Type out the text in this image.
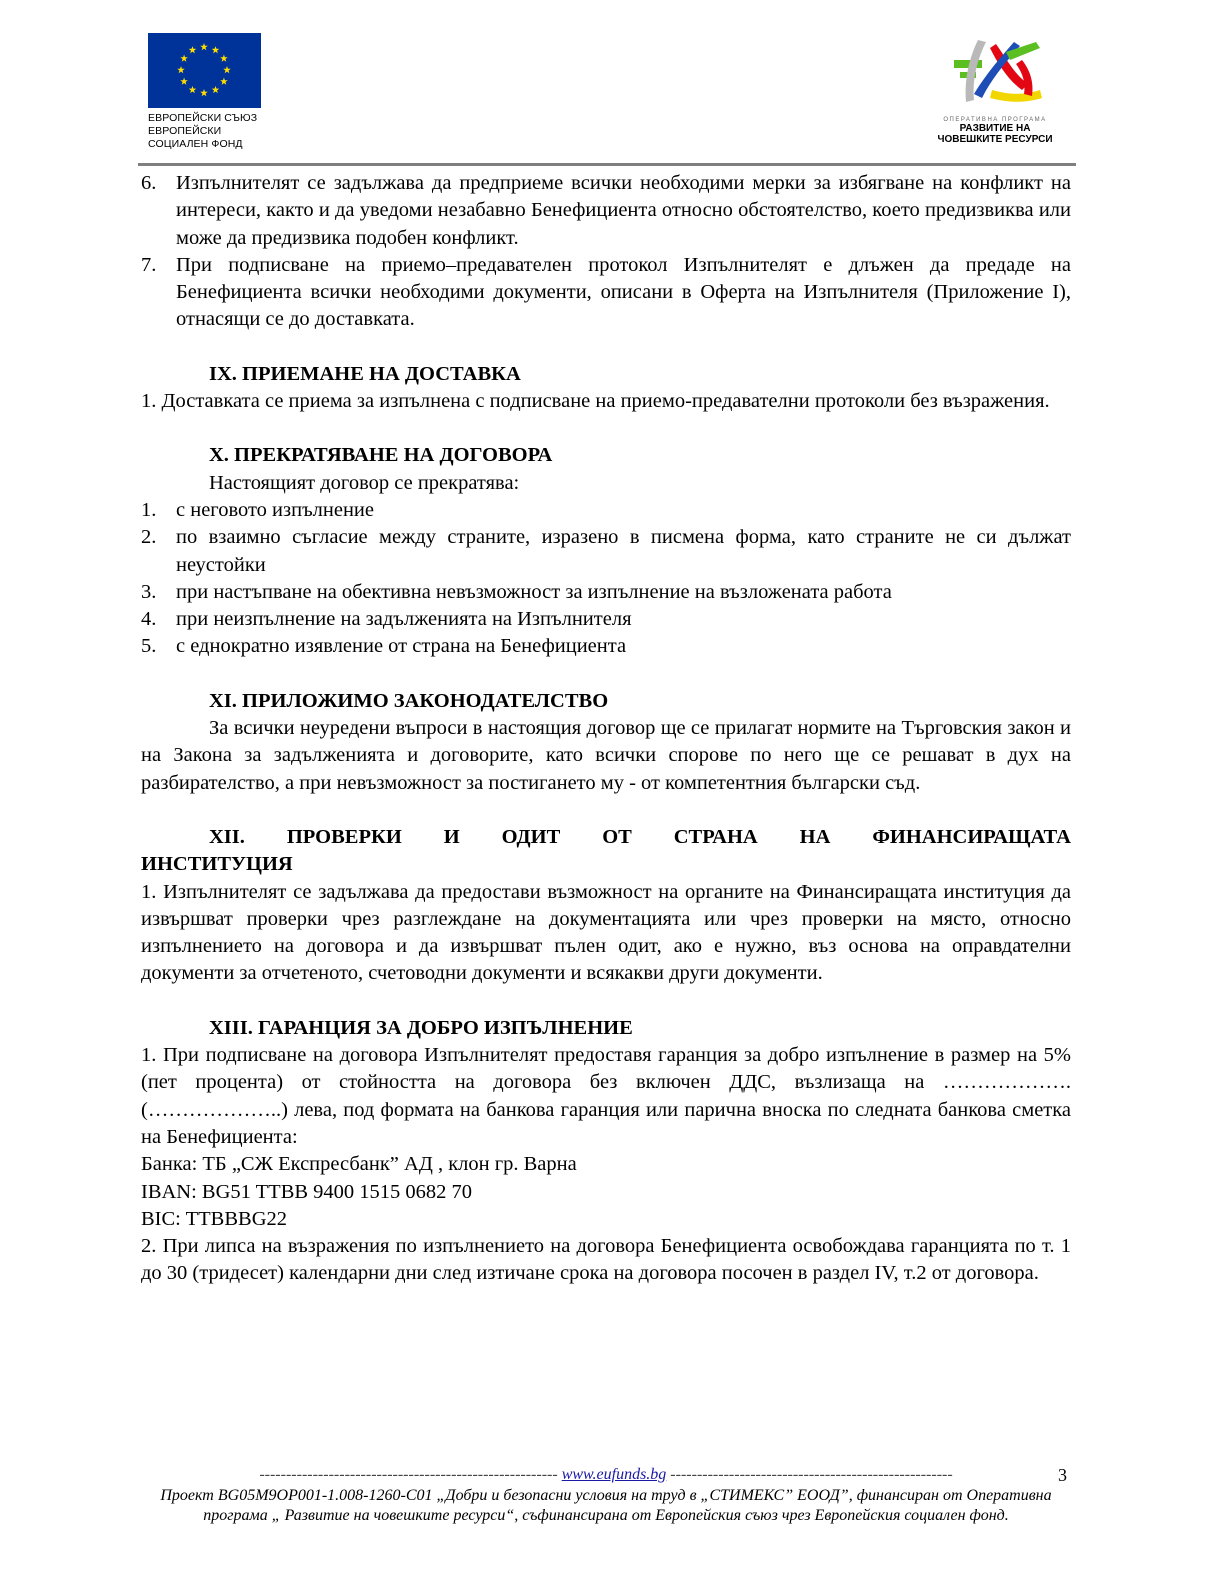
ЕВРОПЕЙСКИ СЪЮЗ
ЕВРОПЕЙСКИ
СОЦИАЛЕН ФОНД
ОПЕРАТИВНА ПРОГРАМА
РАЗВИТИЕ НА
ЧОВЕШКИТЕ РЕСУРСИ
6. Изпълнителят се задължава да предприеме всички необходими мерки за избягване на конфликт на интереси, както и да уведоми незабавно Бенефициента относно обстоятелство, което предизвиква или може да предизвика подобен конфликт.
7. При подписване на приемо–предавателен протокол Изпълнителят е длъжен да предаде на Бенефициента всички необходими документи, описани в Оферта на Изпълнителя (Приложение I), отнасящи се до доставката.
IX. ПРИЕМАНЕ НА ДОСТАВКА
1. Доставката се приема за изпълнена с подписване на приемо-предавателни протоколи без възражения.
X. ПРЕКРАТЯВАНЕ НА ДОГОВОРА
Настоящият договор се прекратява:
1. с неговото изпълнение
2. по взаимно съгласие между страните, изразено в писмена форма, като страните не си дължат неустойки
3. при настъпване на обективна невъзможност за изпълнение на възложената работа
4. при неизпълнение на задълженията на Изпълнителя
5. с еднократно изявление от страна на Бенефициента
XI. ПРИЛОЖИМО ЗАКОНОДАТЕЛСТВО
За всички неуредени въпроси в настоящия договор ще се прилагат нормите на Търговския закон и на Закона за задълженията и договорите, като всички спорове по него ще се решават в дух на разбирателство, а при невъзможност за постигането му - от компетентния български съд.
XII. ПРОВЕРКИ И ОДИТ ОТ СТРАНА НА ФИНАНСИРАЩАТА
ИНСТИТУЦИЯ
1. Изпълнителят се задължава да предостави възможност на органите на Финансиращата институция да извършват проверки чрез разглеждане на документацията или чрез проверки на място, относно изпълнението на договора и да извършват пълен одит, ако е нужно, въз основа на оправдателни документи за отчетеното, счетоводни документи и всякакви други документи.
XIII. ГАРАНЦИЯ ЗА ДОБРО ИЗПЪЛНЕНИЕ
1. При подписване на договора Изпълнителят предоставя гаранция за добро изпълнение в размер на 5% (пет процента) от стойността на договора без включен ДДС, възлизаща на ………………. (………………..) лева, под формата на банкова гаранция или парична вноска по следната банкова сметка на Бенефициента:
Банка: ТБ „СЖ Експресбанк” АД , клон гр. Варна
IBAN: BG51 TTBB 9400 1515 0682 70
BIC: TTBBBG22
2. При липса на възражения по изпълнението на договора Бенефициента освобождава гаранцията по т. 1 до 30 (тридесет) календарни дни след изтичане срока на договора посочен в раздел IV, т.2 от договора.
-------------------------------------------------------- www.eufunds.bg -----------------------------------------------------
Проект BG05M9OP001-1.008-1260-C01 „Добри и безопасни условия на труд в „СТИМЕКС” ЕООД”, финансиран от Оперативна програма „ Развитие на човешките ресурси“, съфинансирана от Европейския съюз чрез Европейския социален фонд.
3
